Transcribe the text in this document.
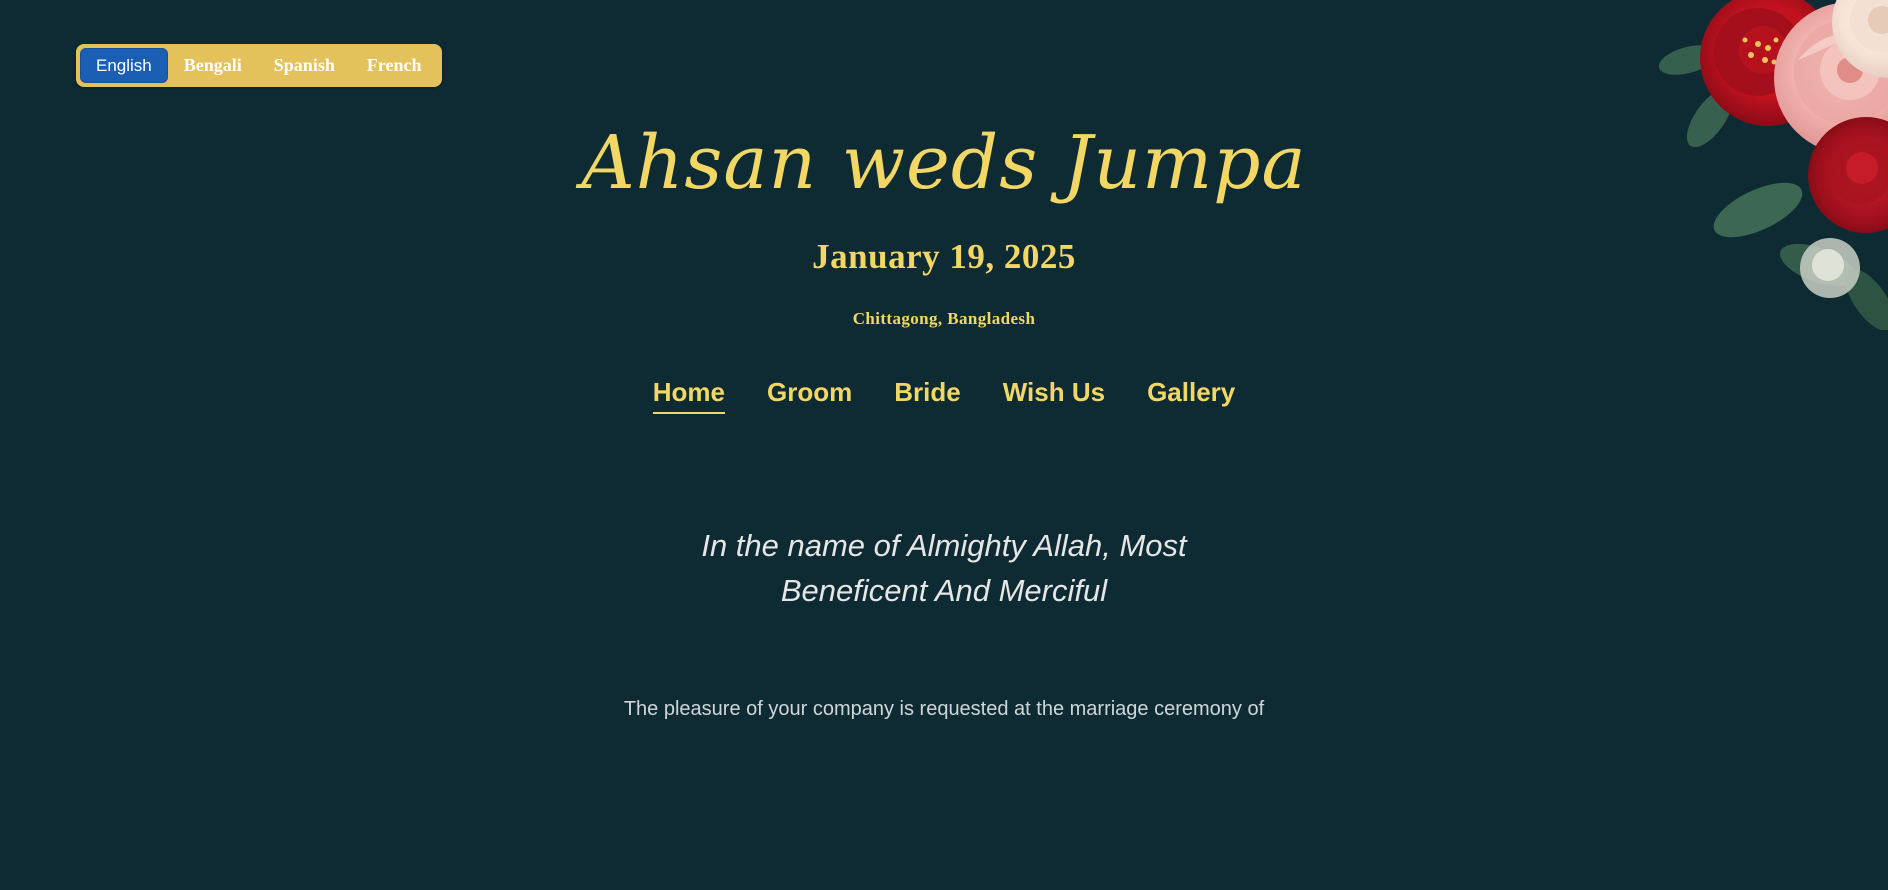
English	Bengali	Spanish	French
Ahsan weds Jumpa
January 19, 2025
Chittagong, Bangladesh
Home Groom Bride Wish Us Gallery
In the name of Almighty Allah, Most Beneficent And Merciful
The pleasure of your company is requested at the marriage ceremony of
